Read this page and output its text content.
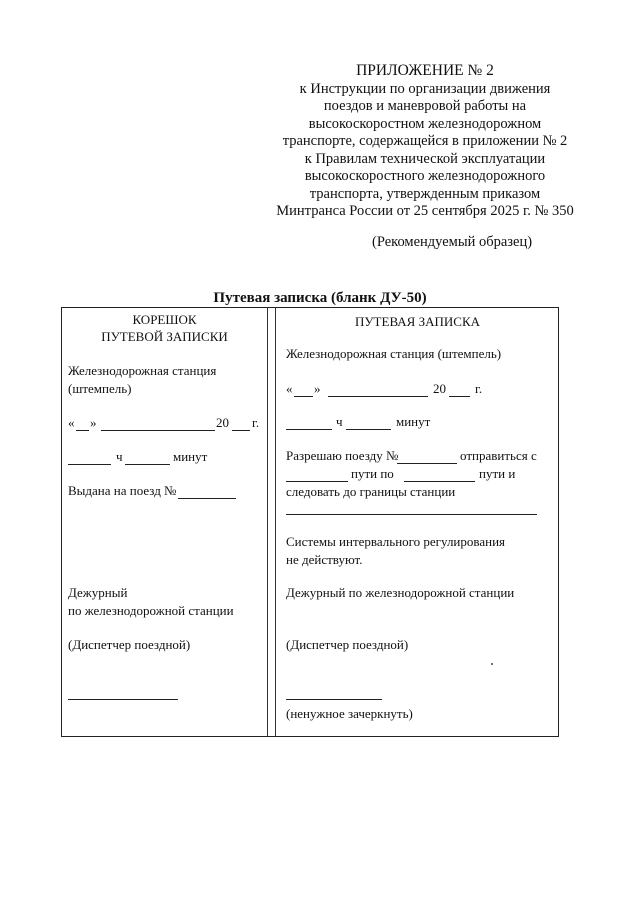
ПРИЛОЖЕНИЕ № 2
к Инструкции по организации движения
поездов и маневровой работы на
высокоскоростном железнодорожном
транспорте, содержащейся в приложении № 2
к Правилам технической эксплуатации
высокоскоростного железнодорожного
транспорта, утвержденным приказом
Минтранса России от 25 сентября 2025 г. № 350
(Рекомендуемый образец)
Путевая записка (бланк ДУ-50)
КОРЕШОК
ПУТЕВОЙ ЗАПИСКИ
Железнодорожная станция
(штемпель)
« »	20 г.
ч	минут
Выдана на поезд №
Дежурный
по железнодорожной станции
(Диспетчер поездной)
ПУТЕВАЯ ЗАПИСКА
Железнодорожная станция (штемпель)
« »	20 г.
ч	минут
Разрешаю поезду №	отправиться с
пути по	пути и
следовать до границы станции
Системы интервального регулирования
не действуют.
Дежурный по железнодорожной станции
(Диспетчер поездной)
(ненужное зачеркнуть)
